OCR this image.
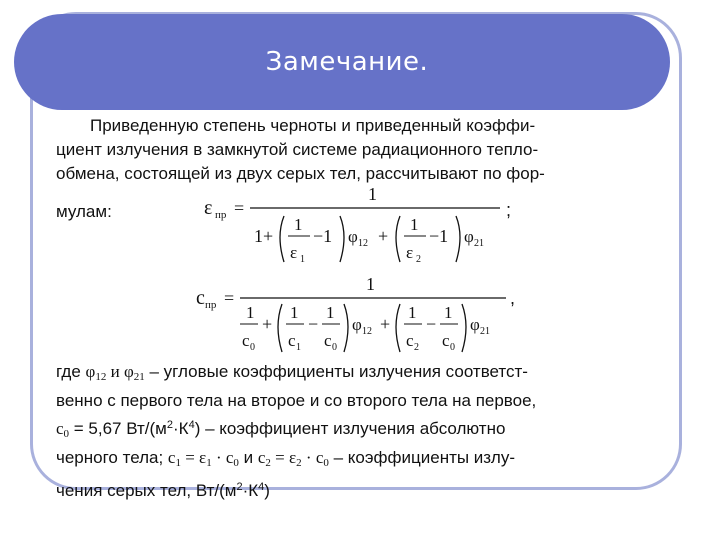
Замечание.

Приведенную степень черноты и приведенный коэффи-
циент излучения в замкнутой системе радиационного тепло-
обмена, состоящей из двух серых тел, рассчитывают по фор-

мулам:	ε пр =
1
1+
1
ε 1
−1 φ 12 +
1
ε 2
−1 φ 21
;
c пр =
1
1
c 0
+
1
c 1
−
1
c 0
φ 12 +
1
c 2
−
1
c 0
φ 21
,

где $\varphi_{12}$ и $\varphi_{21}$ – угловые коэффициенты излучения соответст-
венно с первого тела на второе и со второго тела на первое,
$c_0 = 5,67$ $Вт/(м^2\cdot К^4)$ – коэффициент излучения абсолютно
черного тела; $c_1 = \varepsilon_1 \cdot c_0$ и $c_2 = \varepsilon_2 \cdot c_0$ – коэффициенты излу-
чения серых тел, $Вт/(м^2\cdot К^4)$
